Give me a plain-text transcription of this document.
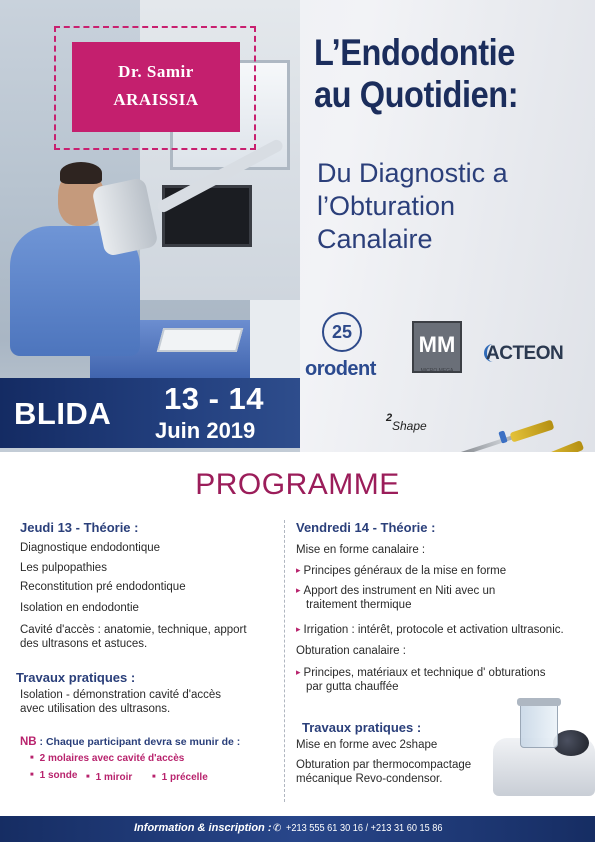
Dr. Samir
ARAISSIA
BLIDA 13 - 14
Juin 2019
L’Endodontie
au Quotidien:
Du Diagnostic a
l’Obturation
Canalaire
25
orodent
MM
MICRO MEGA
ACTEON
2
Shape
PROGRAMME
Jeudi 13 - Théorie :
Diagnostique endodontique
Les pulpopathies
Reconstitution pré endodontique
Isolation en endodontie
Cavité d'accès : anatomie, technique, apport
des ultrasons et astuces.
Travaux pratiques :
Isolation - démonstration cavité d'accès
avec utilisation des ultrasons.
NB : Chaque participant devra se munir de :
■ 2 molaires avec cavité d'accès
■ 1 sonde	■ 1 miroir	■ 1 précelle
Vendredi 14 - Théorie :
Mise en forme canalaire :
▸ Principes généraux de la mise en forme
▸ Apport des instrument en Niti avec un
traitement thermique
▸ Irrigation : intérêt, protocole et activation ultrasonic.
Obturation canalaire :
▸ Principes, matériaux et technique d' obturations
par gutta chauffée
Travaux pratiques :
Mise en forme avec 2shape
Obturation par thermocompactage
mécanique Revo-condensor.
Information & inscription : ✆ +213 555 61 30 16 / +213 31 60 15 86
